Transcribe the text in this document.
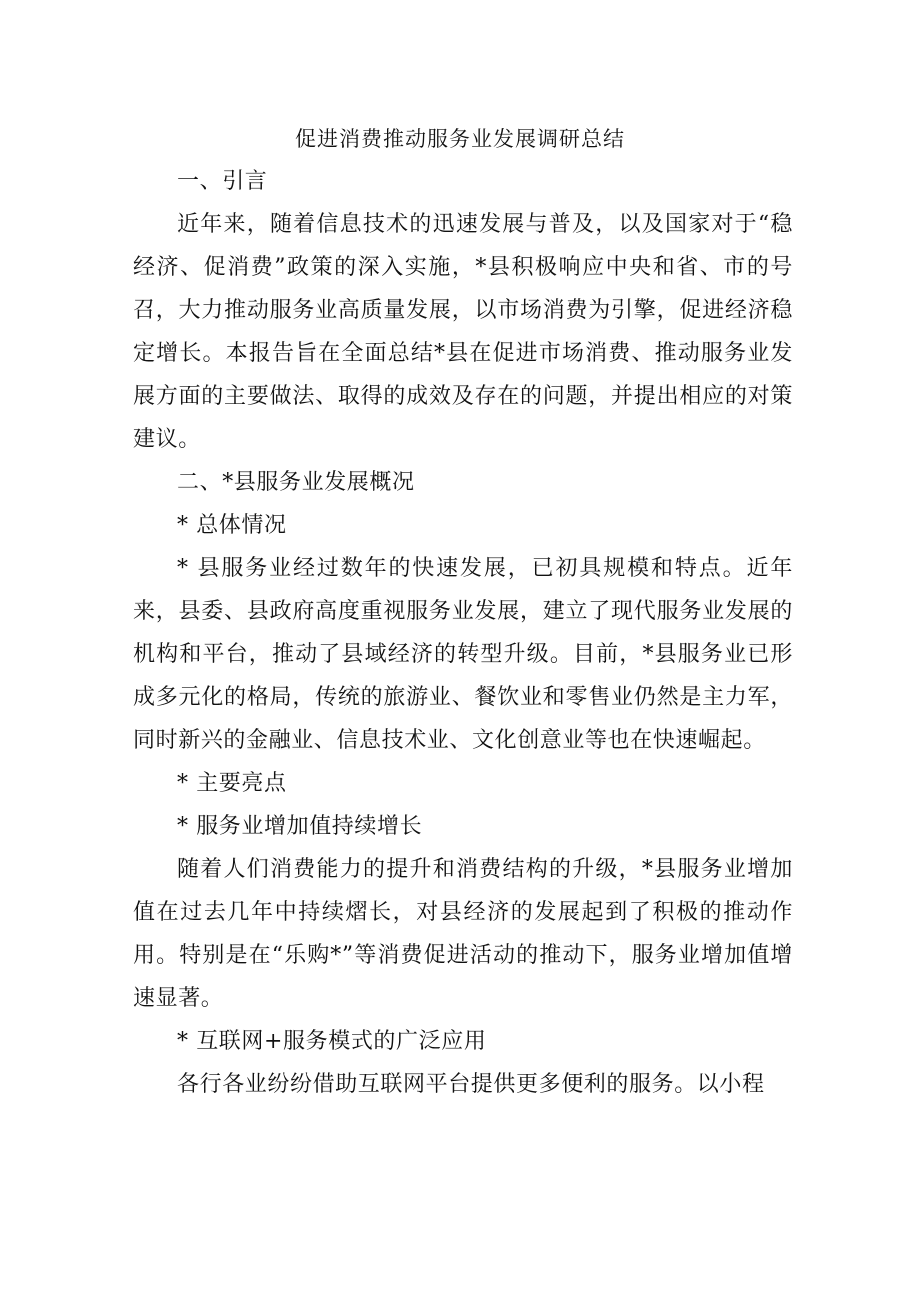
促进消费推动服务业发展调研总结

一、引言

近年来，随着信息技术的迅速发展与普及，以及国家对于“稳经济、促消费”政策的深入实施，*县积极响应中央和省、市的号召，大力推动服务业高质量发展，以市场消费为引擎，促进经济稳定增长。本报告旨在全面总结*县在促进市场消费、推动服务业发展方面的主要做法、取得的成效及存在的问题，并提出相应的对策建议。

二、*县服务业发展概况

* 总体情况

* 县服务业经过数年的快速发展，已初具规模和特点。近年来，县委、县政府高度重视服务业发展，建立了现代服务业发展的机构和平台，推动了县域经济的转型升级。目前，*县服务业已形成多元化的格局，传统的旅游业、餐饮业和零售业仍然是主力军，同时新兴的金融业、信息技术业、文化创意业等也在快速崛起。

* 主要亮点

* 服务业增加值持续增长

随着人们消费能力的提升和消费结构的升级，*县服务业增加值在过去几年中持续熠长，对县经济的发展起到了积极的推动作用。特别是在“乐购*”等消费促进活动的推动下，服务业增加值增速显著。

* 互联网+服务模式的广泛应用

各行各业纷纷借助互联网平台提供更多便利的服务。以小程
